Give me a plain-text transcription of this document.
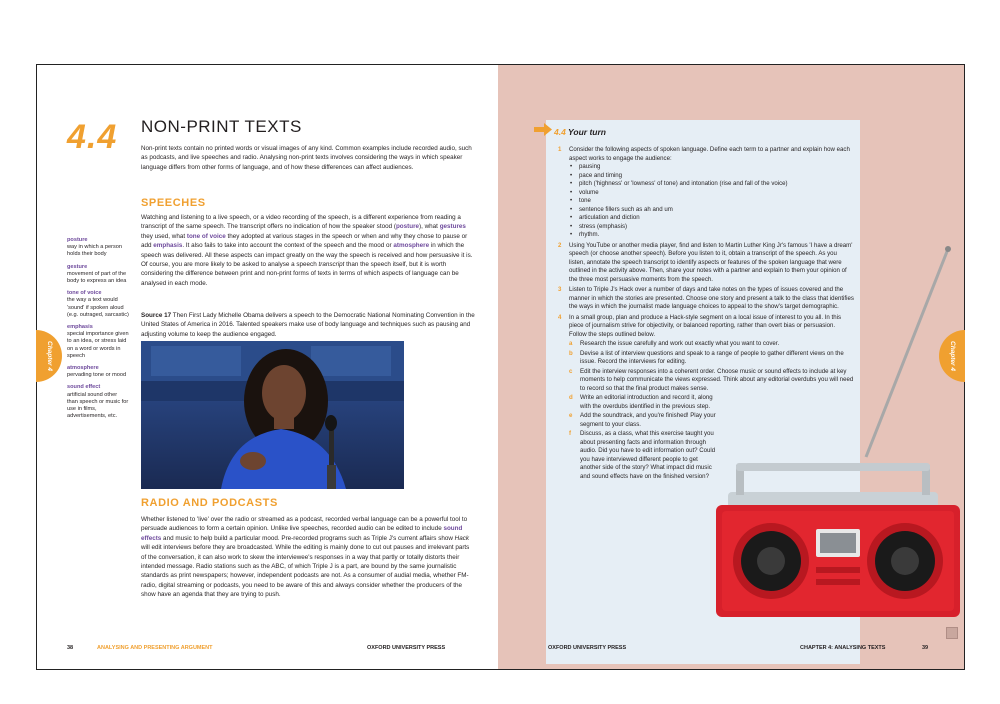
4.4 NON-PRINT TEXTS

Non-print texts contain no printed words or visual images of any kind. Common examples include recorded audio, such as podcasts, and live speeches and radio. Analysing non-print texts involves considering the ways in which speaker language differs from other forms of language, and of how these differences can affect audiences.

SPEECHES

Watching and listening to a live speech, or a video recording of the speech, is a different experience from reading a transcript of the same speech. The transcript offers no indication of how the speaker stood (posture), what gestures they used, what tone of voice they adopted at various stages in the speech or when and why they chose to pause or add emphasis. It also fails to take into account the context of the speech and the mood or atmosphere in which the speech was delivered. All these aspects can impact greatly on the way the speech is received and how persuasive it is. Of course, you are more likely to be asked to analyse a speech transcript than the speech itself, but it is worth considering the difference between print and non-print forms of texts in terms of which aspects of language can be analysed in each mode.

Source 17 Then First Lady Michelle Obama delivers a speech to the Democratic National Nominating Convention in the United States of America in 2016. Talented speakers make use of body language and techniques such as pausing and adjusting volume to keep the audience engaged.

RADIO AND PODCASTS

Whether listened to 'live' over the radio or streamed as a podcast, recorded verbal language can be a powerful tool to persuade audiences to form a certain opinion. Unlike live speeches, recorded audio can be edited to include sound effects and music to help build a particular mood. Pre-recorded programs such as Triple J's current affairs show Hack will edit interviews before they are broadcasted. While the editing is mainly done to cut out pauses and irrelevant parts of the conversation, it can also work to skew the interviewee's responses in a way that partly or totally distorts their intended message. Radio stations such as the ABC, of which Triple J is a part, are bound by the same journalistic standards as print newspapers; however, independent podcasts are not. As a consumer of audial media, whether FM-radio, digital streaming or podcasts, you need to be aware of this and always consider whether the producers of the show have an agenda that they are trying to push.

posture
way in which a person holds their body
gesture
movement of part of the body to express an idea
tone of voice
the way a text would 'sound' if spoken aloud (e.g. outraged, sarcastic)
emphasis
special importance given to an idea, or stress laid on a word or words in speech
atmosphere
pervading tone or mood
sound effect
artificial sound other than speech or music for use in films, advertisements, etc.
Chapter 4
38	ANALYSING AND PRESENTING ARGUMENT	OXFORD UNIVERSITY PRESS
4.4 Your turn
1 Consider the following aspects of spoken language. Define each term to a partner and explain how each aspect works to engage the audience:
• pausing
• pace and timing
• pitch ('highness' or 'lowness' of tone) and intonation (rise and fall of the voice)
• volume
• tone
• sentence fillers such as ah and um
• articulation and diction
• stress (emphasis)
• rhythm.
2 Using YouTube or another media player, find and listen to Martin Luther King Jr's famous 'I have a dream' speech (or choose another speech). Before you listen to it, obtain a transcript of the speech. As you listen, annotate the speech transcript to identify aspects or features of the spoken language that were outlined in the activity above. Then, share your notes with a partner and explain to them your opinion of the three most persuasive moments from the speech.
3 Listen to Triple J's Hack over a number of days and take notes on the types of issues covered and the manner in which the stories are presented. Choose one story and present a talk to the class that identifies the ways in which the journalist made language choices to appeal to the show's target demographic.
4 In a small group, plan and produce a Hack-style segment on a local issue of interest to you all. In this piece of journalism strive for objectivity, or balanced reporting, rather than overt bias or persuasion. Follow the steps outlined below.
a Research the issue carefully and work out exactly what you want to cover.
b Devise a list of interview questions and speak to a range of people to gather different views on the issue. Record the interviews for editing.
c Edit the interview responses into a coherent order. Choose music or sound effects to include at key moments to help communicate the views expressed. Think about any editorial overdubs you will need to record so that the final product makes sense.
d Write an editorial introduction and record it, along with the overdubs identified in the previous step.
e Add the soundtrack, and you're finished! Play your segment to your class.
f Discuss, as a class, what this exercise taught you about presenting facts and information through audio. Did you have to edit information out? Could you have interviewed different people to get another side of the story? What impact did music and sound effects have on the finished version?
Chapter 4
OXFORD UNIVERSITY PRESS	CHAPTER 4: ANALYSING TEXTS	39
